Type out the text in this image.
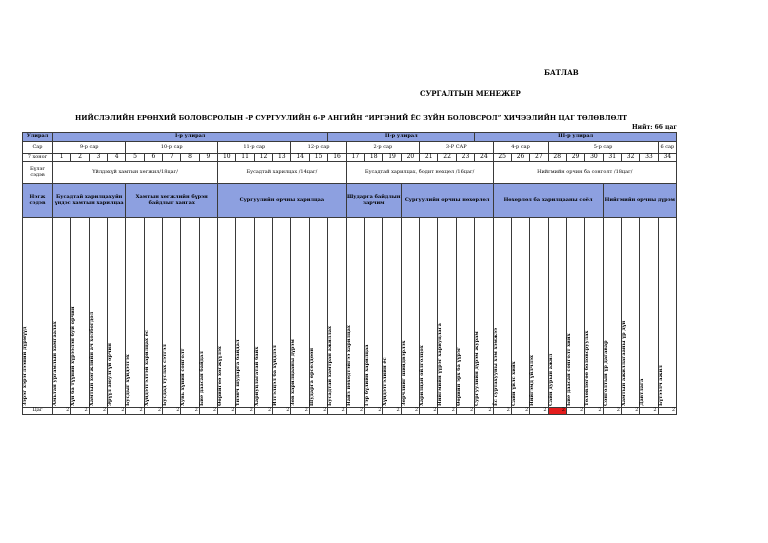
БАТЛАВ
СУРГАЛТЫН МЕНЕЖЕР
НИЙСЛЭЛИЙН ЕРӨНХИЙ БОЛОВСРОЛЫН -Р СУРГУУЛИЙН 6-Р АНГИЙН “ИРГЭНИЙ ЁС ЗҮЙН БОЛОВСРОЛ” ХИЧЭЭЛИЙН ЦАГ ТӨЛӨВЛӨЛТ
Нийт: 66 цаг
Улирал	I-р улирал															II-р улирал								III-р улирал										
Сар	9-р сар				10-р сар					11-р сар				12-р сар			2-р сар				3-Р САР				4-р сар			5-р сар						6 сар
7 хоног	1	2	3	4	5	6	7	8	9	10	11	12	13	14	15	16	17	18	19	20	21	22	23	24	25	26	27	28	29	30	31	32	33	34
Бүлэг сэдэв	Үйлдэхүй хамтын хөгжил/18цаг/									Бусадтай харилцах /14цаг/							Бусадтай харилцах, бодит нөхцөл /16цаг/								Нийгмийн орчин ба сонголт /18цаг/									
Нэгж сэдэв	Бусадтай харилцахуйн үндэс хамтын харилцаа				Хамтын хөгжлийн бүрэн байдлыг хангах					Сургуулийн орчны харилцаа							Шударга байдлын зарчим			Сургуулийн орчны нөхөрлөл					Нөхөрлөл ба харилцааны соёл						Нийгмийн орчны дүрэм			

Зэрэг хэрэглээний дүрмүүд	Амьтан ургамлын хамгаалах	Хүн ба түүний хүрээлэн буй орчин	Хамтын хөгжлийн ач холбогдол	Эрүүл аюулгүй орчин	Бусдыг хүндэтгэх	Хүндэтгэлтэй харилцах ёс	Бусдад туслах сэтгэл	Хувь хүний сонголт	Бие даасан байдал	Өөрийгөө хөгжүүлэх	Үнэнч шударга байдал	Хариуцлагатай байх	Итгэлцэл ба хүндлэл	Зөв харилцааны дүрэм	Шударга өрсөлдөөн	Бусадтай хамтран ажиллах	Найз нөхөдтэйгээ харилцах	Гэр бүлийн харилцаа	Хүндэтгэлийн ёс	Зөрчлийг шийдвэрлэх	Харилцан ойлголцох	Нийгмийн үүрэг хариуцлага	Өөрийн эрх ба үүрэг	Сургуулийн дүрэм журам	Ёс суртахууны хэм хэмжээ	Сайн үйлс хийх	Нийгэмд үйлчлэх	Сайн дурын ажил	Бие даасан сонголт хийх	Төлөвлөгөө боловсруулах	Сонголтын үр дагавар	Хамтын ажиллагааны үр дүн	Давтлага	Бүтээлч ажил

Цаг	2	2	2	2	2	2	2	2	2	2	2	2	2	2	2	2	2	2	2	2	2	2	2	2	2	2	2	2	2	2	2	2	2	2
